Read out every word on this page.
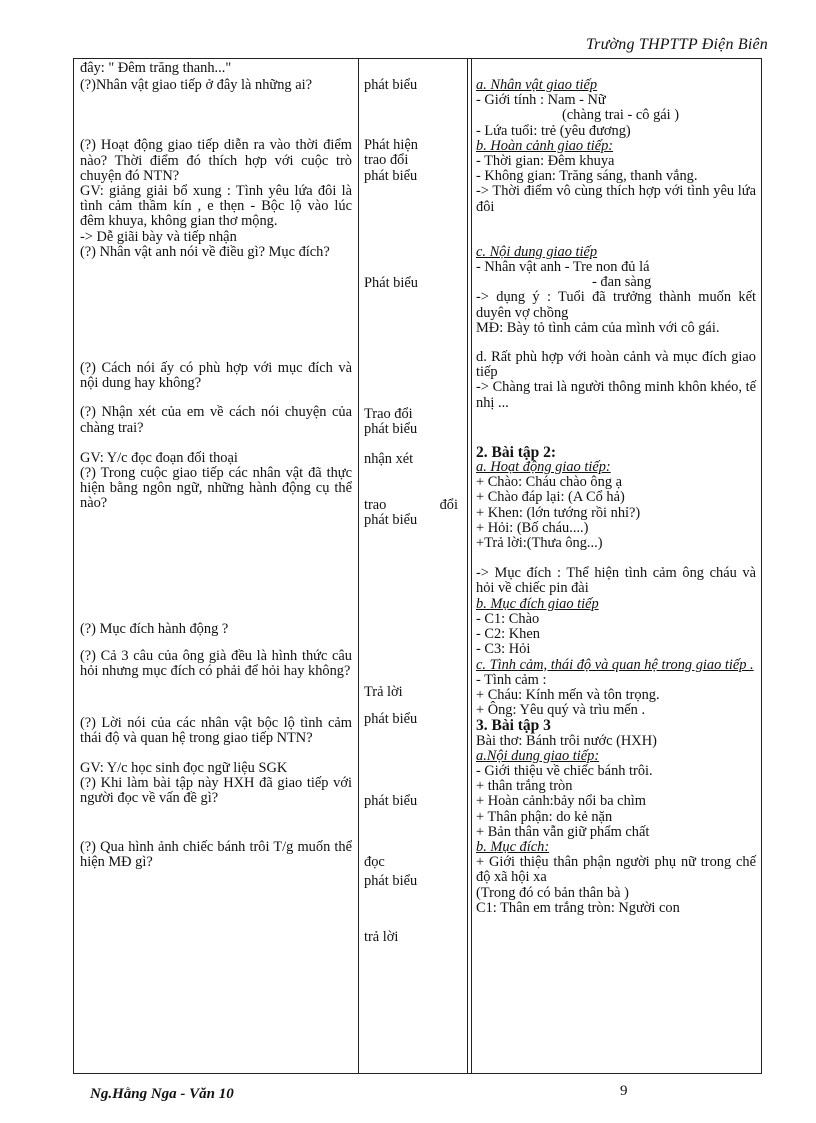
Trường THPTTP Điện Biên
đây: " Đêm trăng thanh..."
(?)Nhân vật giao tiếp ở đây là những ai?
(?) Hoạt động giao tiếp diễn ra vào thời điểm nào? Thời điểm đó thích hợp với cuộc trò chuyện đó NTN?
GV: giảng giải bổ xung : Tình yêu lứa đôi là tình cảm thầm kín , e thẹn - Bộc lộ vào lúc đêm khuya, không gian thơ mộng.
-> Dễ giãi bày và tiếp nhận
(?) Nhân vật anh nói về điều gì? Mục đích?
(?) Cách nói ấy có phù hợp với mục đích và nội dung hay không?
(?) Nhận xét của em về cách nói chuyện của chàng trai?
GV: Y/c đọc đoạn đối thoại
(?) Trong cuộc giao tiếp các nhân vật đã thực hiện bằng ngôn ngữ, những hành động cụ thể nào?
(?) Mục đích hành động ?
(?) Cả 3 câu của ông già đều là hình thức câu hỏi nhưng mục đích có phải để hỏi hay không?
(?) Lời nói của các nhân vật bộc lộ tình cảm thái độ và quan hệ trong giao tiếp NTN?
GV: Y/c học sinh đọc ngữ liệu SGK
(?) Khi làm bài tập này HXH đã giao tiếp với người đọc về vấn đề gì?
(?) Qua hình ảnh chiếc bánh trôi T/g muốn thể hiện MĐ gì?
phát biểu
Phát hiện
trao đổi
phát biểu
Phát biểu
Trao đổi
phát biểu
nhận xét
trao	đổi
phát biểu
Trả lời
phát biểu
phát biểu
đọc
phát biểu
trả lời
a. Nhân vật giao tiếp
- Giới tính : Nam - Nữ
(chàng trai - cô gái )
- Lứa tuổi: trẻ (yêu đương)
b. Hoàn cảnh giao tiếp:
- Thời gian: Đêm khuya
- Không gian: Trăng sáng, thanh vắng.
-> Thời điểm vô cùng thích hợp với tình yêu lứa đôi
c. Nội dung giao tiếp
- Nhân vật anh - Tre non đủ lá
- đan sàng
-> dụng ý : Tuổi đã trưởng thành muốn kết duyên vợ chồng
MĐ: Bày tỏ tình cảm của mình với cô gái.
d. Rất phù hợp với hoàn cảnh và mục đích giao tiếp
-> Chàng trai là người thông minh khôn khéo, tế nhị ...
2. Bài tập 2:
a. Hoạt động giao tiếp:
+ Chào: Cháu chào ông ạ
+ Chào đáp lại: (A Cổ hả)
+ Khen: (lớn tướng rồi nhỉ?)
+ Hỏi: (Bố cháu....)
+Trả lời:(Thưa ông...)
-> Mục đích : Thể hiện tình cảm ông cháu và hỏi về chiếc pin đài
b. Mục đích giao tiếp
- C1: Chào
- C2: Khen
- C3: Hỏi
c. Tình cảm, thái độ và quan hệ trong giao tiếp .
- Tình cảm :
+ Cháu: Kính mến và tôn trọng.
+ Ông: Yêu quý và trìu mến .
3. Bài tập 3
Bài thơ: Bánh trôi nước (HXH)
a.Nội dung giao tiếp:
- Giới thiệu về chiếc bánh trôi.
+ thân trắng tròn
+ Hoàn cảnh:bảy nổi ba chìm
+ Thân phận: do kẻ nặn
+ Bản thân vẫn giữ phẩm chất
b. Mục đích:
+ Giới thiệu thân phận người phụ nữ trong chế độ xã hội xa
(Trong đó có bản thân bà )
C1: Thân em trắng tròn: Người con
Ng.Hằng Nga - Văn 10	9
